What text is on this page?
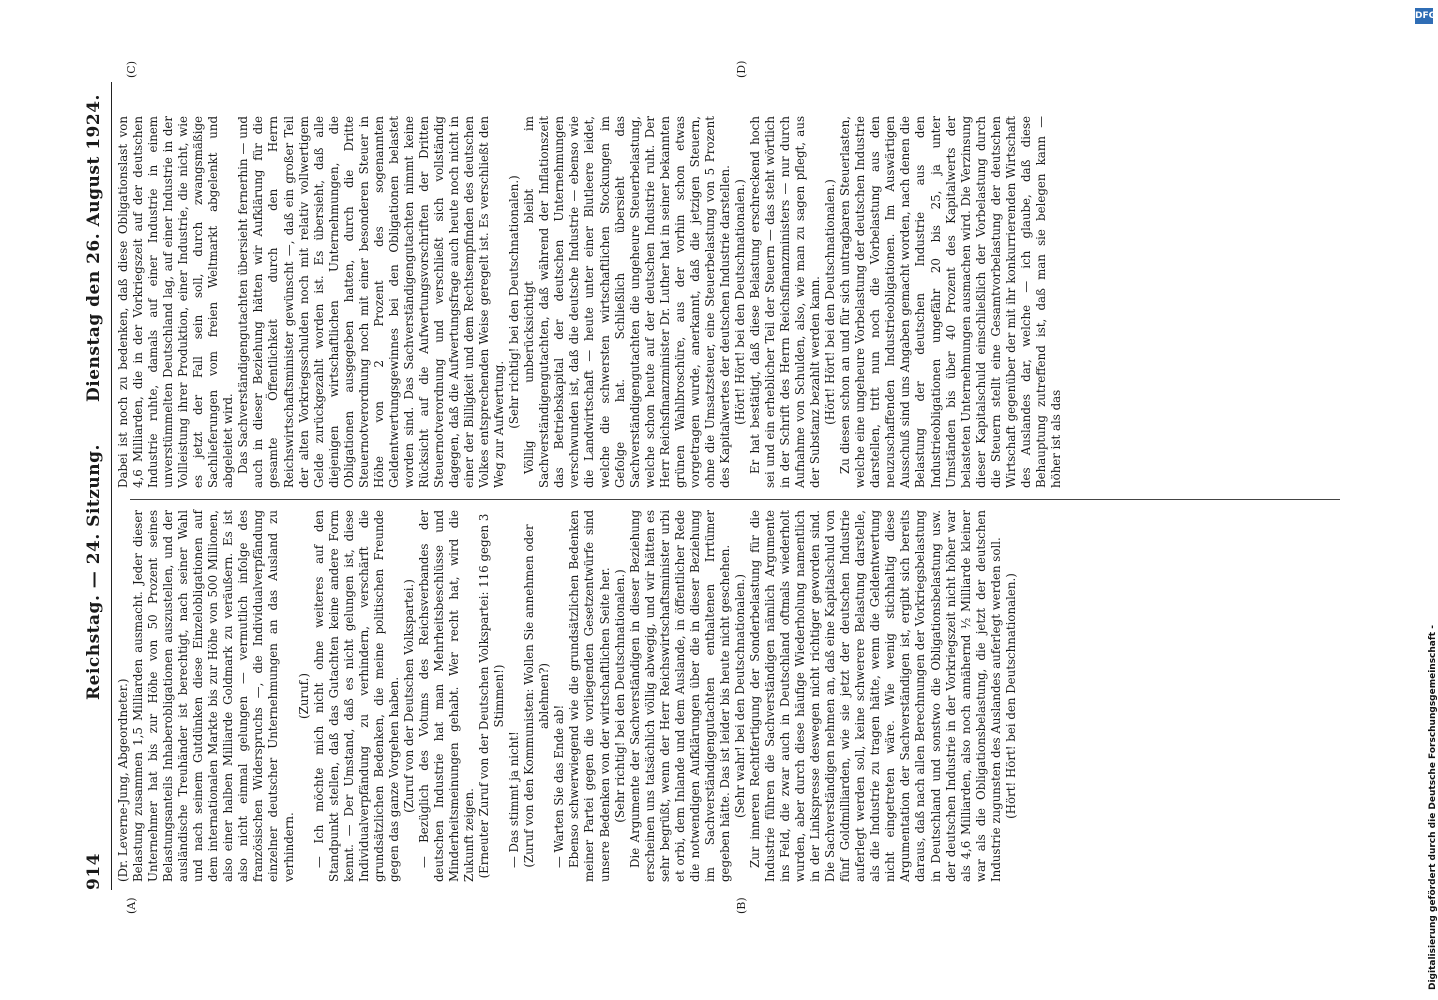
914
Reichstag. — 24. Sitzung.
Dienstag den 26. August 1924.
(A)	(B)
(C)	(D)

(Dr. Leverne-Jung, Abgeordneter.) Belastung zusammen 1,5 Milliarden ausmacht. Jeder dieser Unternehmer hat bis zur Höhe von 50 Prozent seines Belastungsanteils Inhaberobligationen auszustellen, und der ausländische Treuhänder ist berechtigt, nach seiner Wahl und nach seinem Gutdünken diese Einzelobligationen auf dem internationalen Markte bis zur Höhe von 500 Millionen, also einer halben Milliarde Goldmark zu veräußern. Es ist also nicht einmal gelungen — vermutlich infolge des französischen Widerspruchs —, die Individualverpfändung einzelner deutscher Unternehmungen an das Ausland zu verhindern.

(Zuruf.) — Ich möchte mich nicht ohne weiteres auf den Standpunkt stellen, daß das Gutachten keine andere Form kennt. — Der Umstand, daß es nicht gelungen ist, diese Individualverpfändung zu verhindern, verschärft die grundsätzlichen Bedenken, die meine politischen Freunde gegen das ganze Vorgehen haben. (Zuruf von der Deutschen Volkspartei.) — Bezüglich des Votums des Reichsverbandes der deutschen Industrie hat man Mehrheitsbeschlüsse und Minderheitsmeinungen gehabt. Wer recht hat, wird die Zukunft zeigen. (Erneuter Zuruf von der Deutschen Volkspartei: 116 gegen 3 Stimmen!)

— Das stimmt ja nicht! (Zuruf von den Kommunisten: Wollen Sie annehmen oder ablehnen?)

— Warten Sie das Ende ab! Ebenso schwerwiegend wie die grundsätzlichen Bedenken meiner Partei gegen die vorliegenden Gesetzentwürfe sind unsere Bedenken von der wirtschaftlichen Seite her. (Sehr richtig! bei den Deutschnationalen.) Die Argumente der Sachverständigen in dieser Beziehung erscheinen uns tatsächlich völlig abwegig, und wir hätten es sehr begrüßt, wenn der Herr Reichswirtschaftsminister urbi et orbi, dem Inlande und dem Auslande, in öffentlicher Rede die notwendigen Aufklärungen über die in dieser Beziehung im Sachverständigengutachten enthaltenen Irrtümer gegeben hätte. Das ist leider bis heute nicht geschehen. (Sehr wahr! bei den Deutschnationalen.) Zur inneren Rechtfertigung der Sonderbelastung für die Industrie führen die Sachverständigen nämlich Argumente ins Feld, die zwar auch in Deutschland oftmals wiederholt wurden, aber durch diese häufige Wiederholung namentlich in der Linkspresse deswegen nicht richtiger geworden sind. Die Sachverständigen nehmen an, daß eine Kapitalschuld von fünf Goldmilliarden, wie sie jetzt der deutschen Industrie auferlegt werden soll, keine schwerere Belastung darstelle, als die Industrie zu tragen hätte, wenn die Geldentwertung nicht eingetreten wäre. Wie wenig stichhaltig diese Argumentation der Sachverständigen ist, ergibt sich bereits daraus, daß nach allen Berechnungen der Vorkriegsbelastung in Deutschland und sonstwo die Obligationsbelastung usw. der deutschen Industrie in der Vorkriegszeit nicht höher war als 4,6 Milliarden, also noch annähernd ½ Milliarde kleiner war als die Obligationsbelastung, die jetzt der deutschen Industrie zugunsten des Auslandes auferlegt werden soll. (Hört! Hört! bei den Deutschnationalen.)

Dabei ist noch zu bedenken, daß diese Obligationslast von 4,6 Milliarden, die in der Vorkriegszeit auf der deutschen Industrie ruhte, damals auf einer Industrie in einem unverstümmelten Deutschland lag, auf einer Industrie in der Vollleistung ihrer Produktion, einer Industrie, die nicht, wie es jetzt der Fall sein soll, durch zwangsmäßige Sachlieferungen vom freien Weltmarkt abgelenkt und abgeleitet wird. Das Sachverständigengutachten übersieht fernerhin — und auch in dieser Beziehung hätten wir Aufklärung für die gesamte Öffentlichkeit durch den Herrn Reichswirtschaftsminister gewünscht —, daß ein großer Teil der alten Vorkriegsschulden noch mit relativ vollwertigem Gelde zurückgezahlt worden ist. Es übersieht, daß alle diejenigen wirtschaftlichen Unternehmungen, die Obligationen ausgegeben hatten, durch die Dritte Steuernotverordnung noch mit einer besonderen Steuer in Höhe von 2 Prozent des sogenannten Geldentwertungsgewinnes bei den Obligationen belastet worden sind. Das Sachverständigengutachten nimmt keine Rücksicht auf die Aufwertungsvorschriften der Dritten Steuernotverordnung und verschließt sich vollständig dagegen, daß die Aufwertungsfrage auch heute noch nicht in einer der Billigkeit und dem Rechtsempfinden des deutschen Volkes entsprechenden Weise geregelt ist. Es verschließt den Weg zur Aufwertung. (Sehr richtig! bei den Deutschnationalen.) Völlig unberücksichtigt bleibt im Sachverständigengutachten, daß während der Inflationszeit das Betriebskapital der deutschen Unternehmungen verschwunden ist, daß die deutsche Industrie — ebenso wie die Landwirtschaft — heute unter einer Blutleere leidet, welche die schwersten wirtschaftlichen Stockungen im Gefolge hat. Schließlich übersieht das Sachverständigengutachten die ungeheure Steuerbelastung, welche schon heute auf der deutschen Industrie ruht. Der Herr Reichsfinanzminister Dr. Luther hat in seiner bekannten grünen Wahlbroschüre, aus der vorhin schon etwas vorgetragen wurde, anerkannt, daß die jetzigen Steuern, ohne die Umsatzsteuer, eine Steuerbelastung von 5 Prozent des Kapitalwertes der deutschen Industrie darstellen. (Hört! Hört! bei den Deutschnationalen.) Er hat bestätigt, daß diese Belastung erschreckend hoch sei und ein erheblicher Teil der Steuern — das steht wörtlich in der Schrift des Herrn Reichsfinanzministers — nur durch Aufnahme von Schulden, also, wie man zu sagen pflegt, aus der Substanz bezahlt werden kann. (Hört! Hört! bei den Deutschnationalen.) Zu diesen schon an und für sich untragbaren Steuerlasten, welche eine ungeheure Vorbelastung der deutschen Industrie darstellen, tritt nun noch die Vorbelastung aus den neuzuschaffenden Industrieobligationen. Im Auswärtigen Ausschuß sind uns Angaben gemacht worden, nach denen die Belastung der deutschen Industrie aus den Industrieobligationen ungefähr 20 bis 25, ja unter Umständen bis über 40 Prozent des Kapitalwerts der belasteten Unternehmungen ausmachen wird. Die Verzinsung dieser Kapitalschuld einschließlich der Vorbelastung durch die Steuern stellt eine Gesamtvorbelastung der deutschen Wirtschaft gegenüber der mit ihr konkurrierenden Wirtschaft des Auslandes dar, welche — ich glaube, daß diese Behauptung zutreffend ist, daß man sie belegen kann — höher ist als das

Digitalisierung gefördert durch die Deutsche Forschungsgemeinschaft -
DFG
